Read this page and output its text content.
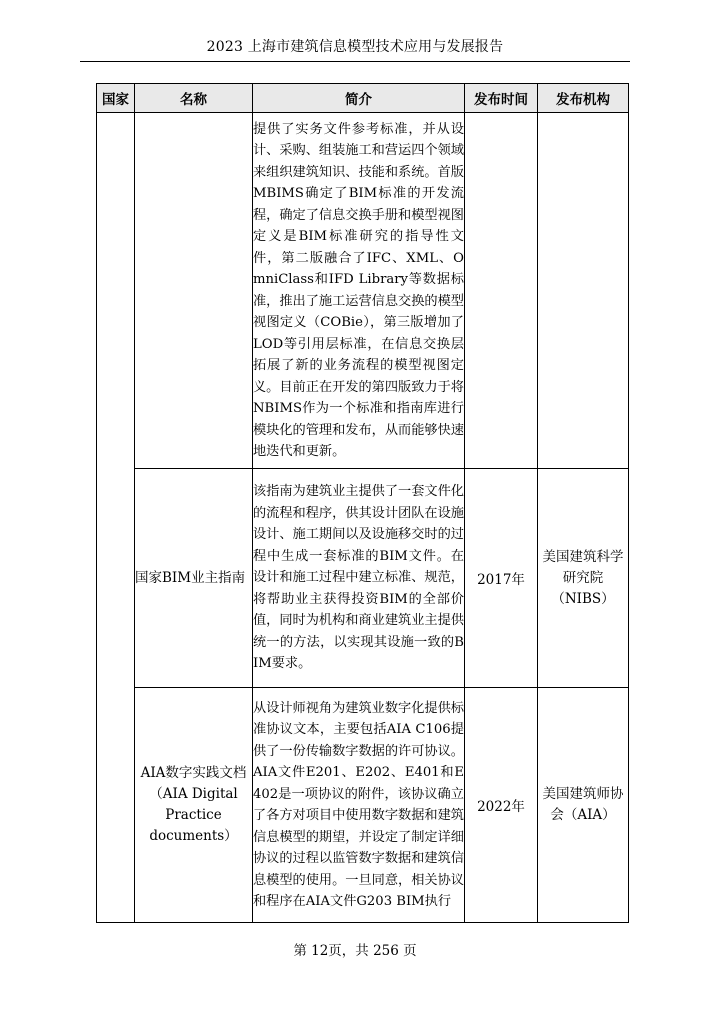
2023 上海市建筑信息模型技术应用与发展报告
国家	名称	简介	发布时间	发布机构
		提供了实务文件参考标准，并从设计、采购、组装施工和营运四个领域来组织建筑知识、技能和系统。首版MBIMS确定了BIM标准的开发流程，确定了信息交换手册和模型视图定义是BIM标准研究的指导性文件，第二版融合了IFC、XML、OmniClass和IFD Library等数据标准，推出了施工运营信息交换的模型视图定义（COBie），第三版增加了LOD等引用层标准，在信息交换层拓展了新的业务流程的模型视图定义。目前正在开发的第四版致力于将NBIMS作为一个标准和指南库进行模块化的管理和发布，从而能够快速地迭代和更新。		
	国家BIM业主指南	该指南为建筑业主提供了一套文件化的流程和程序，供其设计团队在设施设计、施工期间以及设施移交时的过程中生成一套标准的BIM文件。在设计和施工过程中建立标准、规范，将帮助业主获得投资BIM的全部价值，同时为机构和商业建筑业主提供统一的方法，以实现其设施一致的BIM要求。	2017年	美国建筑科学研究院（NIBS）
	AIA数字实践文档（AIA Digital Practice documents）	从设计师视角为建筑业数字化提供标准协议文本，主要包括AIA C106提供了一份传输数字数据的许可协议。AIA文件E201、E202、E401和E402是一项协议的附件，该协议确立了各方对项目中使用数字数据和建筑信息模型的期望，并设定了制定详细协议的过程以监管数字数据和建筑信息模型的使用。一旦同意，相关协议和程序在AIA文件G203 BIM执行	2022年	美国建筑师协会（AIA）
第 12页，共 256 页
